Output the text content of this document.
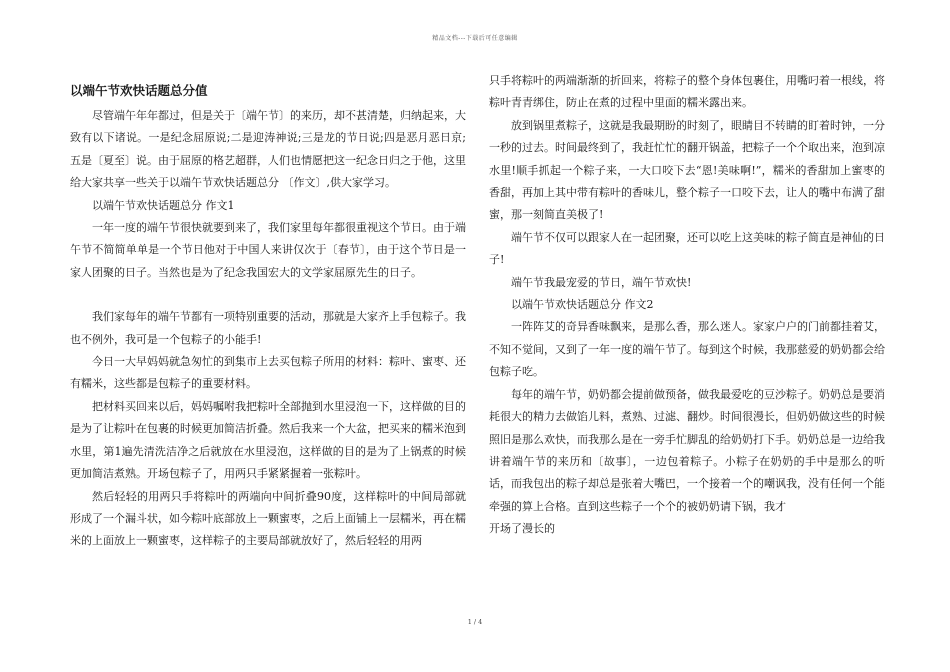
精品文档---下载后可任意编辑
以端午节欢快话题总分值

尽管端午年年都过，但是关于〔端午节〕的来历，却不甚清楚，归纳起来，大致有以下诸说。一是纪念屈原说;二是迎涛神说;三是龙的节日说;四是恶月恶日京;五是〔夏至〕说。由于屈原的格艺超群，人们也情愿把这一纪念日归之于他，这里给大家共享一些关于以端午节欢快话题总分 〔作文〕,供大家学习。

以端午节欢快话题总分 作文1

一年一度的端午节很快就要到来了，我们家里每年都很重视这个节日。由于端午节不简简单单是一个节日他对于中国人来讲仅次于〔春节〕，由于这个节日是一家人团聚的日子。当然也是为了纪念我国宏大的文学家屈原先生的日子。

我们家每年的端午节都有一项特别重要的活动，那就是大家齐上手包粽子。我也不例外，我可是一个包粽子的小能手!

今日一大早妈妈就急匆忙的到集市上去买包粽子所用的材料：粽叶、蜜枣、还有糯米，这些都是包粽子的重要材料。

把材料买回来以后，妈妈嘱咐我把粽叶全部抛到水里浸泡一下，这样做的目的是为了让粽叶在包裹的时候更加简洁折叠。然后我来一个大盆，把买来的糯米泡到水里，第1遍先清洗洁净之后就放在水里浸泡，这样做的目的是为了上锅煮的时候更加简洁煮熟。开场包粽子了，用两只手紧紧握着一张粽叶。

然后轻轻的用两只手将粽叶的两端向中间折叠90度，这样粽叶的中间局部就形成了一个漏斗状，如今粽叶底部放上一颗蜜枣，之后上面铺上一层糯米，再在糯米的上面放上一颗蜜枣，这样粽子的主要局部就放好了，然后轻轻的用两

只手将粽叶的两端渐渐的折回来，将粽子的整个身体包裹住，用嘴叼着一根线，将粽叶青青绑住，防止在煮的过程中里面的糯米露出来。

放到锅里煮粽子，这就是我最期盼的时刻了，眼睛目不转睛的盯着时钟，一分一秒的过去。时间最终到了，我赶忙忙的翻开锅盖，把粽子一个个取出来，泡到凉水里!顺手抓起一个粽子来，一大口咬下去“恩!美味啊!”，糯米的香甜加上蜜枣的香甜，再加上其中带有粽叶的香味儿，整个粽子一口咬下去，让人的嘴中布满了甜蜜，那一刻简直美极了!

端午节不仅可以跟家人在一起团聚，还可以吃上这美味的粽子简直是神仙的日子!

端午节我最宠爱的节日，端午节欢快!

以端午节欢快话题总分 作文2

一阵阵艾的奇异香味飘来，是那么香，那么迷人。家家户户的门前都挂着艾，不知不觉间，又到了一年一度的端午节了。每到这个时候，我那慈爱的奶奶都会给包粽子吃。

每年的端午节，奶奶都会提前做预备，做我最爱吃的豆沙粽子。奶奶总是要消耗很大的精力去做馅儿料，煮熟、过滤、翻炒。时间很漫长，但奶奶做这些的时候照旧是那么欢快，而我那么是在一旁手忙脚乱的给奶奶打下手。奶奶总是一边给我讲着端午节的来历和〔故事〕，一边包着粽子。小粽子在奶奶的手中是那么的听话，而我包出的粽子却总是张着大嘴巴，一个接着一个的嘲讽我，没有任何一个能牵强的算上合格。直到这些粽子一个个的被奶奶请下锅，我才

开场了漫长的

1 / 4
